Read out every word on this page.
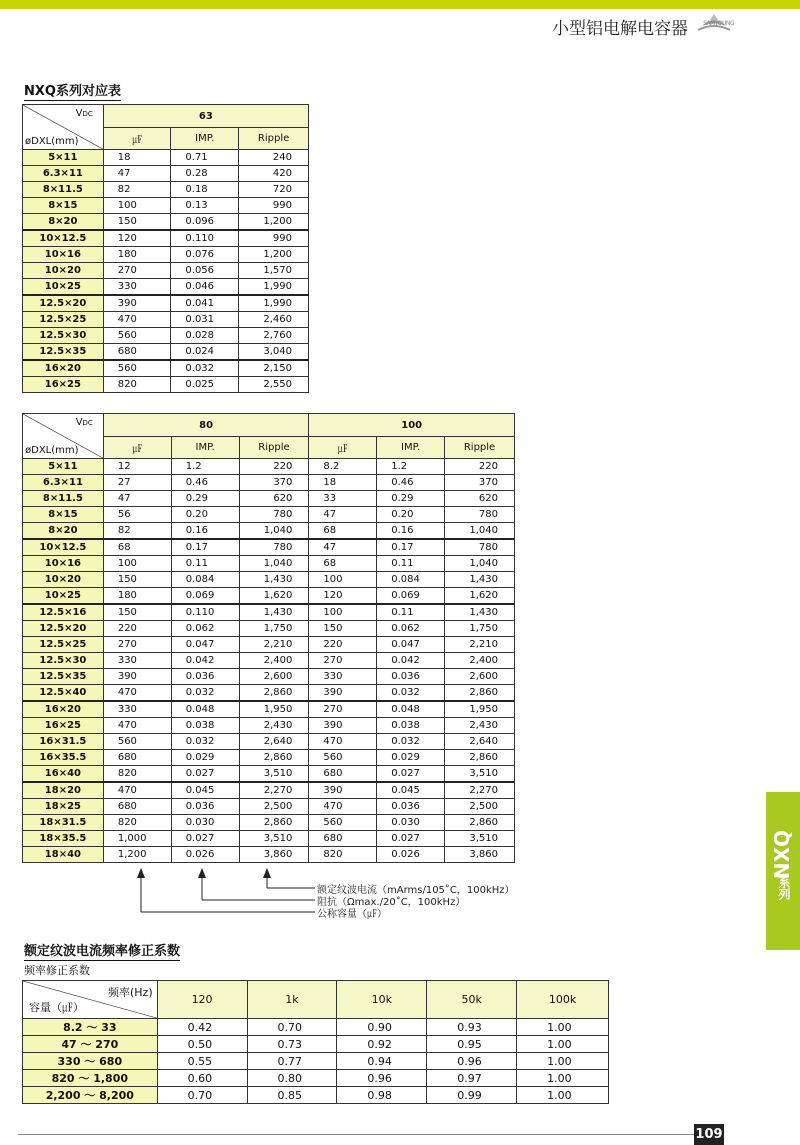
小型铝电解电容器	SAMYOUNG
NXQ系列对应表
VDC
øDXL(mm)	63		
	㎌	IMP.	Ripple
5×11	18	0.71	240
6.3×11	47	0.28	420
8×11.5	82	0.18	720
8×15	100	0.13	990
8×20	150	0.096	1,200
10×12.5	120	0.110	990
10×16	180	0.076	1,200
10×20	270	0.056	1,570
10×25	330	0.046	1,990
12.5×20	390	0.041	1,990
12.5×25	470	0.031	2,460
12.5×30	560	0.028	2,760
12.5×35	680	0.024	3,040
16×20	560	0.032	2,150
16×25	820	0.025	2,550
VDC
øDXL(mm)	80			100		
	㎌	IMP.	Ripple	㎌	IMP.	Ripple
5×11	12	1.2	220	8.2	1.2	220
6.3×11	27	0.46	370	18	0.46	370
8×11.5	47	0.29	620	33	0.29	620
8×15	56	0.20	780	47	0.20	780
8×20	82	0.16	1,040	68	0.16	1,040
10×12.5	68	0.17	780	47	0.17	780
10×16	100	0.11	1,040	68	0.11	1,040
10×20	150	0.084	1,430	100	0.084	1,430
10×25	180	0.069	1,620	120	0.069	1,620
12.5×16	150	0.110	1,430	100	0.11	1,430
12.5×20	220	0.062	1,750	150	0.062	1,750
12.5×25	270	0.047	2,210	220	0.047	2,210
12.5×30	330	0.042	2,400	270	0.042	2,400
12.5×35	390	0.036	2,600	330	0.036	2,600
12.5×40	470	0.032	2,860	390	0.032	2,860
16×20	330	0.048	1,950	270	0.048	1,950
16×25	470	0.038	2,430	390	0.038	2,430
16×31.5	560	0.032	2,640	470	0.032	2,640
16×35.5	680	0.029	2,860	560	0.029	2,860
16×40	820	0.027	3,510	680	0.027	3,510
18×20	470	0.045	2,270	390	0.045	2,270
18×25	680	0.036	2,500	470	0.036	2,500
18×31.5	820	0.030	2,860	560	0.030	2,860
18×35.5	1,000	0.027	3,510	680	0.027	3,510
18×40	1,200	0.026	3,860	820	0.026	3,860
额定纹波电流（mArms/105˚C，100kHz）
阻抗（Ωmax./20˚C，100kHz）
公称容量（㎌）
额定纹波电流频率修正系数
频率修正系数
频率(Hz)
容量（㎌）	120	1k	10k	50k	100k
8.2 ～ 33	0.42	0.70	0.90	0.93	1.00
47 ～ 270	0.50	0.73	0.92	0.95	1.00
330 ～ 680	0.55	0.77	0.94	0.96	1.00
820 ～ 1,800	0.60	0.80	0.96	0.97	1.00
2,200 ～ 8,200	0.70	0.85	0.98	0.99	1.00
NXQ
系列
109
